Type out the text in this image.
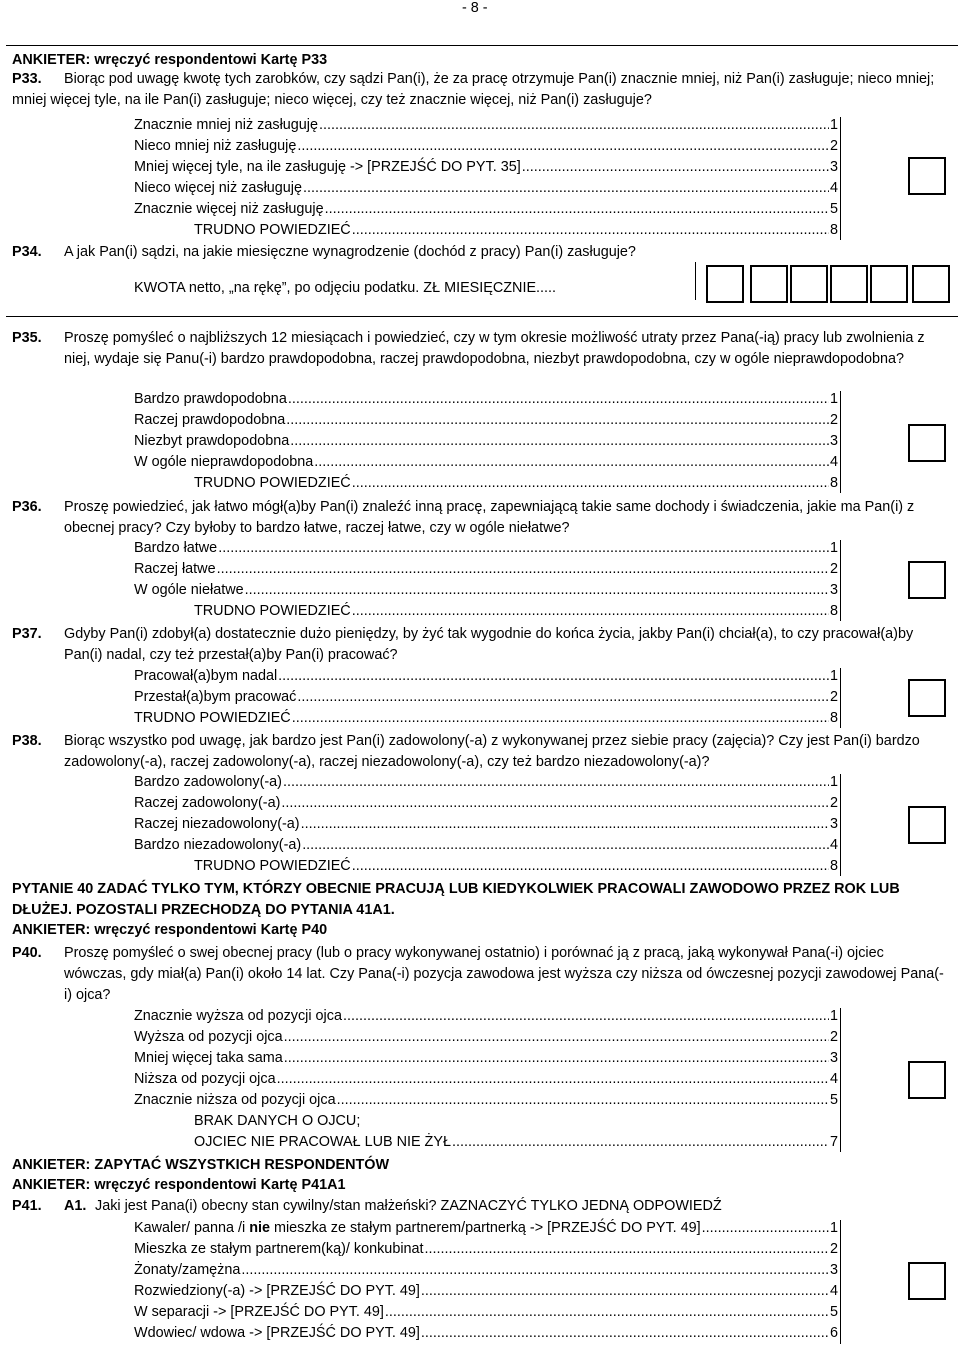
- 8 -
ANKIETER: wręczyć respondentowi Kartę P33
P33.	Biorąc pod uwagę kwotę tych zarobków, czy sądzi Pan(i), że za pracę otrzymuje Pan(i) znacznie mniej, niż Pan(i) zasługuje; nieco mniej; mniej więcej tyle, na ile Pan(i) zasługuje; nieco więcej, czy też znacznie więcej, niż Pan(i) zasługuje?
Znacznie mniej niż zasługuję .....	1
Nieco mniej niż zasługuję .....	2
Mniej więcej tyle, na ile zasługuję -> [PRZEJŚĆ DO PYT. 35] .....	3
Nieco więcej niż zasługuję .....	4
Znacznie więcej niż zasługuję .....	5
TRUDNO POWIEDZIEĆ .....	8
P34. A jak Pan(i) sądzi, na jakie miesięczne wynagrodzenie (dochód z pracy) Pan(i) zasługuje?
KWOTA netto, „na rękę”, po odjęciu podatku. ZŁ MIESIĘCZNIE.....
P35. Proszę pomyśleć o najbliższych 12 miesiącach i powiedzieć, czy w tym okresie możliwość utraty przez Pana(-ią) pracy lub zwolnienia z niej, wydaje się Panu(-i) bardzo prawdopodobna, raczej prawdopodobna, niezbyt prawdopodobna, czy w ogóle nieprawdopodobna?
Bardzo prawdopodobna .....	1
Raczej prawdopodobna .....	2
Niezbyt prawdopodobna .....	3
W ogóle nieprawdopodobna .....	4
TRUDNO POWIEDZIEĆ .....	8
P36. Proszę powiedzieć, jak łatwo mógł(a)by Pan(i) znaleźć inną pracę, zapewniającą takie same dochody i świadczenia, jakie ma Pan(i) z obecnej pracy? Czy byłoby to bardzo łatwe, raczej łatwe, czy w ogóle niełatwe?
Bardzo łatwe .....	1
Raczej łatwe .....	2
W ogóle niełatwe .....	3
TRUDNO POWIEDZIEĆ .....	8
P37. Gdyby Pan(i) zdobył(a) dostatecznie dużo pieniędzy, by żyć tak wygodnie do końca życia, jakby Pan(i) chciał(a), to czy pracował(a)by Pan(i) nadal, czy też przestał(a)by Pan(i) pracować?
Pracował(a)bym nadal .....	1
Przestał(a)bym pracować .....	2
TRUDNO POWIEDZIEĆ .....	8
P38. Biorąc wszystko pod uwagę, jak bardzo jest Pan(i) zadowolony(-a) z wykonywanej przez siebie pracy (zajęcia)? Czy jest Pan(i) bardzo zadowolony(-a), raczej zadowolony(-a), raczej niezadowolony(-a), czy też bardzo niezadowolony(-a)?
Bardzo zadowolony(-a) .....	1
Raczej zadowolony(-a) .....	2
Raczej niezadowolony(-a) .....	3
Bardzo niezadowolony(-a) .....	4
TRUDNO POWIEDZIEĆ .....	8
PYTANIE 40 ZADAĆ TYLKO TYM, KTÓRZY OBECNIE PRACUJĄ LUB KIEDYKOLWIEK PRACOWALI ZAWODOWO PRZEZ ROK LUB DŁUŻEJ. POZOSTALI PRZECHODZĄ DO PYTANIA 41A1.
ANKIETER: wręczyć respondentowi Kartę P40
P40. Proszę pomyśleć o swej obecnej pracy (lub o pracy wykonywanej ostatnio) i porównać ją z pracą, jaką wykonywał Pana(-i) ojciec wówczas, gdy miał(a) Pan(i) około 14 lat. Czy Pana(-i) pozycja zawodowa jest wyższa czy niższa od ówczesnej pozycji zawodowej Pana(-i) ojca?
Znacznie wyższa od pozycji ojca .....	1
Wyższa od pozycji ojca .....	2
Mniej więcej taka sama .....	3
Niższa od pozycji ojca .....	4
Znacznie niższa od pozycji ojca .....	5
BRAK DANYCH O OJCU;
OJCIEC NIE PRACOWAŁ LUB NIE ŻYŁ .....	7
ANKIETER: ZAPYTAĆ WSZYSTKICH RESPONDENTÓW
ANKIETER: wręczyć respondentowi Kartę P41A1
P41. A1. Jaki jest Pana(i) obecny stan cywilny/stan małżeński? ZAZNACZYĆ TYLKO JEDNĄ ODPOWIEDŹ
Kawaler/ panna /i nie mieszka ze stałym partnerem/partnerką -> [PRZEJŚĆ DO PYT. 49] .....	1
Mieszka ze stałym partnerem(ką)/ konkubinat .....	2
Żonaty/zamężna .....	3
Rozwiedziony(-a) -> [PRZEJŚĆ DO PYT. 49] .....	4
W separacji -> [PRZEJŚĆ DO PYT. 49] .....	5
Wdowiec/ wdowa -> [PRZEJŚĆ DO PYT. 49] .....	6
